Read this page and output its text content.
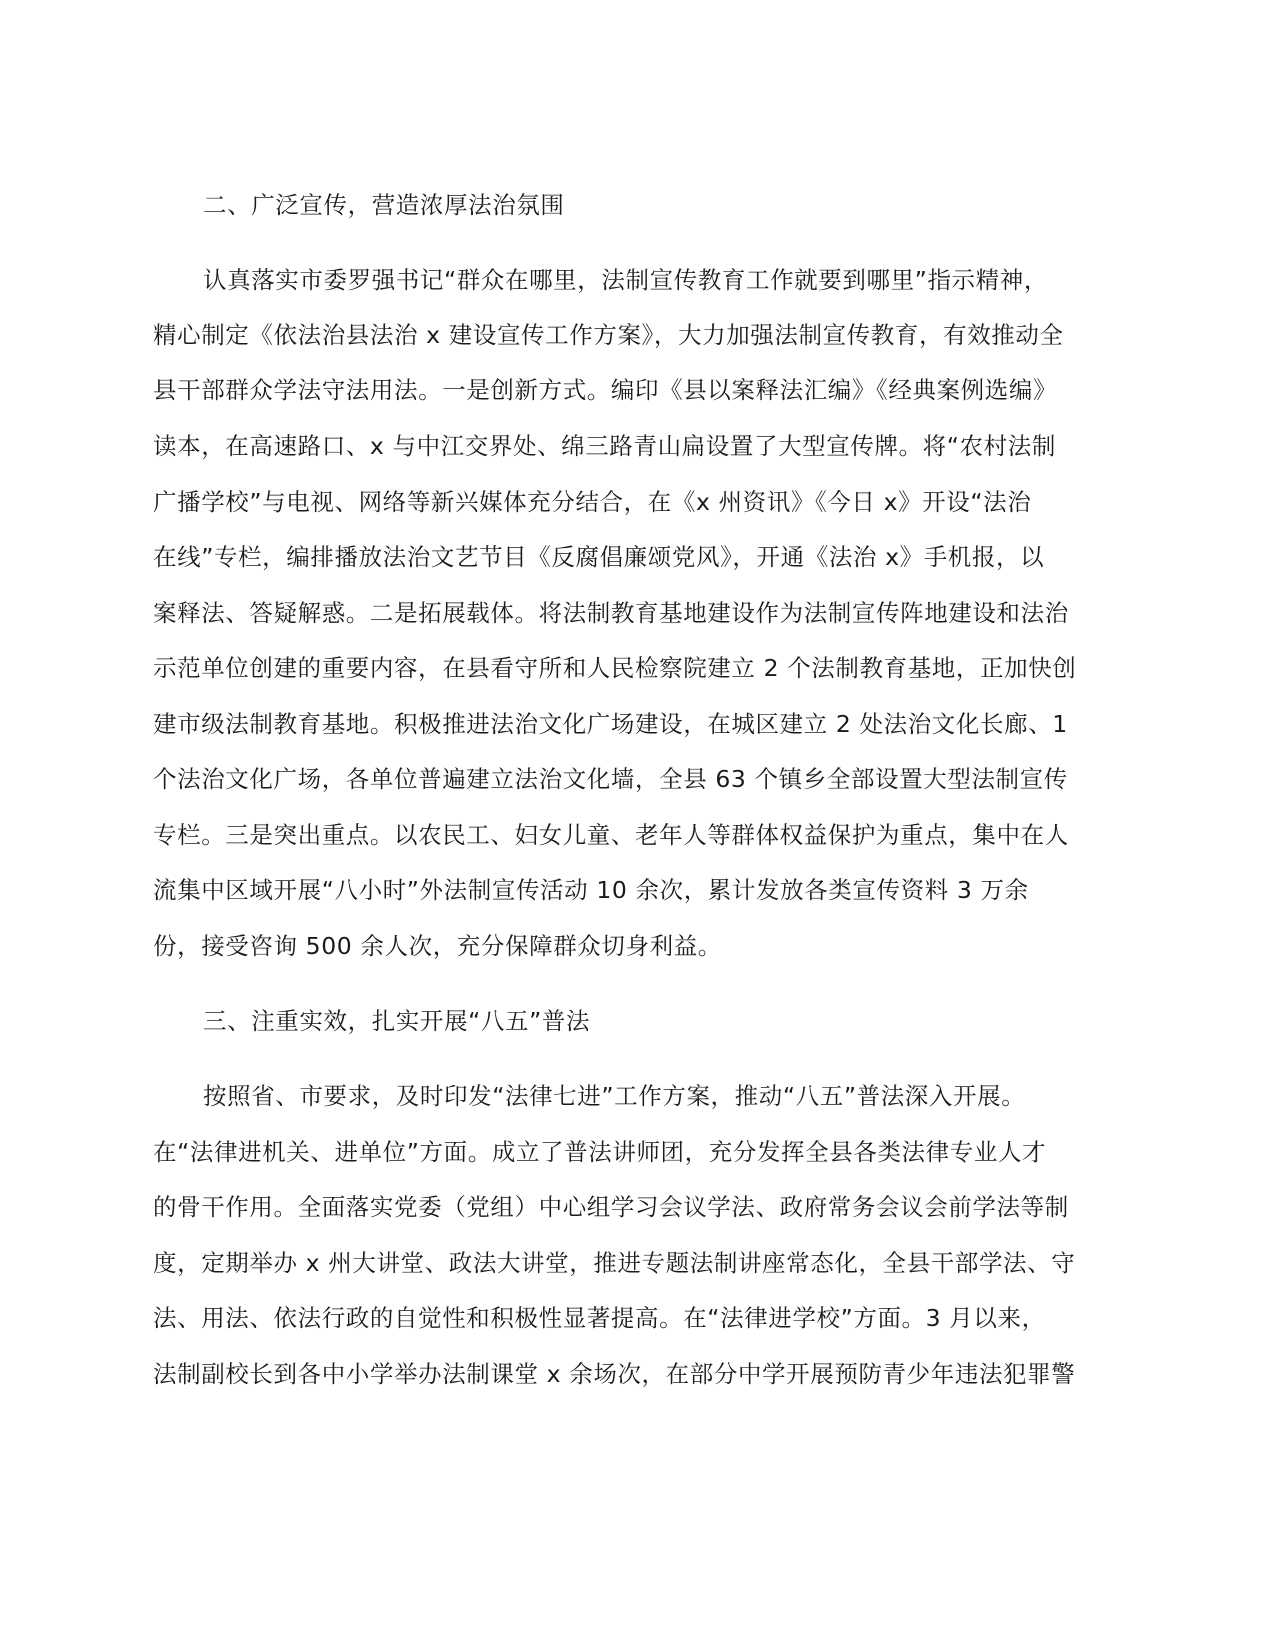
二、广泛宣传，营造浓厚法治氛围
认真落实市委罗强书记“群众在哪里，法制宣传教育工作就要到哪里”指示精神，
精心制定《依法治县法治 x 建设宣传工作方案》，大力加强法制宣传教育，有效推动全
县干部群众学法守法用法。一是创新方式。编印《县以案释法汇编》《经典案例选编》
读本，在高速路口、x 与中江交界处、绵三路青山扁设置了大型宣传牌。将“农村法制
广播学校”与电视、网络等新兴媒体充分结合，在《x 州资讯》《今日 x》开设“法治
在线”专栏，编排播放法治文艺节目《反腐倡廉颂党风》，开通《法治 x》手机报，以
案释法、答疑解惑。二是拓展载体。将法制教育基地建设作为法制宣传阵地建设和法治
示范单位创建的重要内容，在县看守所和人民检察院建立 2 个法制教育基地，正加快创
建市级法制教育基地。积极推进法治文化广场建设，在城区建立 2 处法治文化长廊、1
个法治文化广场，各单位普遍建立法治文化墙，全县 63 个镇乡全部设置大型法制宣传
专栏。三是突出重点。以农民工、妇女儿童、老年人等群体权益保护为重点，集中在人
流集中区域开展“八小时”外法制宣传活动 10 余次，累计发放各类宣传资料 3 万余
份，接受咨询 500 余人次，充分保障群众切身利益。
三、注重实效，扎实开展“八五”普法
按照省、市要求，及时印发“法律七进”工作方案，推动“八五”普法深入开展。
在“法律进机关、进单位”方面。成立了普法讲师团，充分发挥全县各类法律专业人才
的骨干作用。全面落实党委（党组）中心组学习会议学法、政府常务会议会前学法等制
度，定期举办 x 州大讲堂、政法大讲堂，推进专题法制讲座常态化，全县干部学法、守
法、用法、依法行政的自觉性和积极性显著提高。在“法律进学校”方面。3 月以来，
法制副校长到各中小学举办法制课堂 x 余场次，在部分中学开展预防青少年违法犯罪警
